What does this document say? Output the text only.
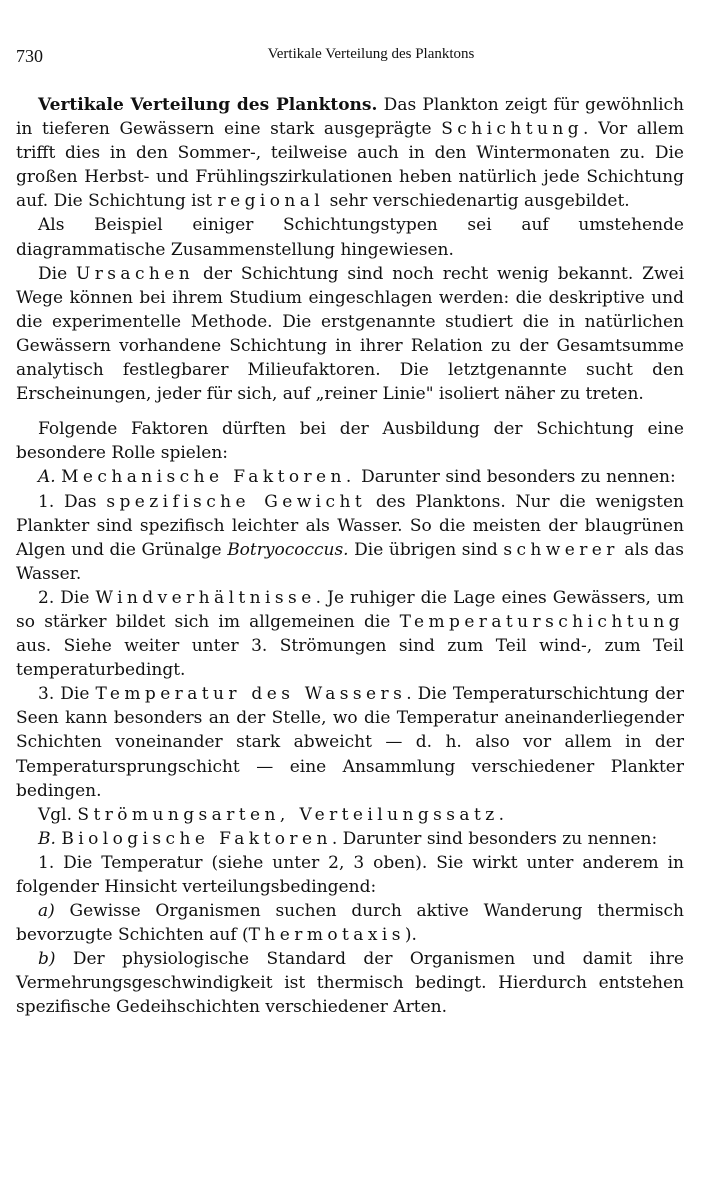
730	Vertikale Verteilung des Planktons

Vertikale Verteilung des Planktons. Das Plankton zeigt für gewöhnlich in tieferen Gewässern eine stark ausgeprägte Schichtung. Vor allem trifft dies in den Sommer-, teilweise auch in den Wintermonaten zu. Die großen Herbst- und Frühlingszirkulationen heben natürlich jede Schichtung auf. Die Schichtung ist regional sehr verschiedenartig ausgebildet.

Als Beispiel einiger Schichtungstypen sei auf umstehende diagrammatische Zusammenstellung hingewiesen.

Die Ursachen der Schichtung sind noch recht wenig bekannt. Zwei Wege können bei ihrem Studium eingeschlagen werden: die deskriptive und die experimentelle Methode. Die erstgenannte studiert die in natürlichen Gewässern vorhandene Schichtung in ihrer Relation zu der Gesamtsumme analytisch festlegbarer Milieufaktoren. Die letztgenannte sucht den Erscheinungen, jeder für sich, auf „reiner Linie" isoliert näher zu treten.

Folgende Faktoren dürften bei der Ausbildung der Schichtung eine besondere Rolle spielen:

A. Mechanische Faktoren. Darunter sind besonders zu nennen:

1. Das spezifische Gewicht des Planktons. Nur die wenigsten Plankter sind spezifisch leichter als Wasser. So die meisten der blaugrünen Algen und die Grünalge Botryococcus. Die übrigen sind schwerer als das Wasser.

2. Die Windverhältnisse. Je ruhiger die Lage eines Gewässers, um so stärker bildet sich im allgemeinen die Temperaturschichtung aus. Siehe weiter unter 3. Strömungen sind zum Teil wind-, zum Teil temperaturbedingt.

3. Die Temperatur des Wassers. Die Temperaturschichtung der Seen kann besonders an der Stelle, wo die Temperatur aneinanderliegender Schichten voneinander stark abweicht — d. h. also vor allem in der Temperatursprungschicht — eine Ansammlung verschiedener Plankter bedingen.

Vgl. Strömungsarten, Verteilungssatz.

B. Biologische Faktoren. Darunter sind besonders zu nennen:

1. Die Temperatur (siehe unter 2, 3 oben). Sie wirkt unter anderem in folgender Hinsicht verteilungsbedingend:

a) Gewisse Organismen suchen durch aktive Wanderung thermisch bevorzugte Schichten auf (Thermotaxis).

b) Der physiologische Standard der Organismen und damit ihre Vermehrungsgeschwindigkeit ist thermisch bedingt. Hierdurch entstehen spezifische Gedeihschichten verschiedener Arten.
